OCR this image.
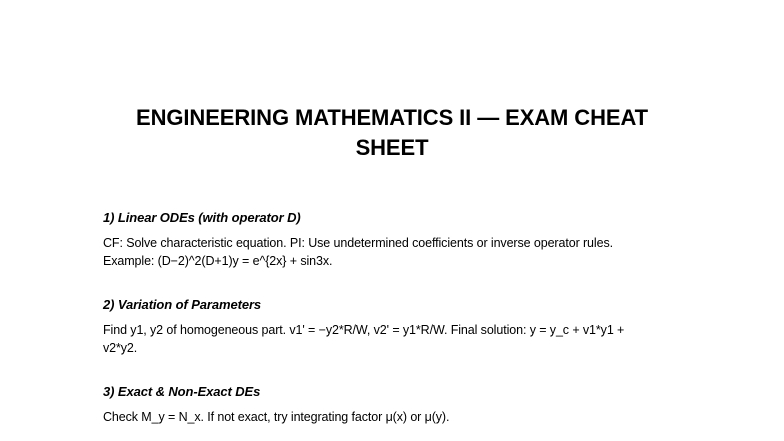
ENGINEERING MATHEMATICS II — EXAM CHEAT SHEET
1) Linear ODEs (with operator D)

CF: Solve characteristic equation. PI: Use undetermined coefficients or inverse operator rules.
Example: (D−2)^2(D+1)y = e^{2x} + sin3x.

2) Variation of Parameters

Find y1, y2 of homogeneous part. v1' = −y2*R/W, v2' = y1*R/W. Final solution: y = y_c + v1*y1 +
v2*y2.

3) Exact & Non-Exact DEs

Check M_y = N_x. If not exact, try integrating factor μ(x) or μ(y).
